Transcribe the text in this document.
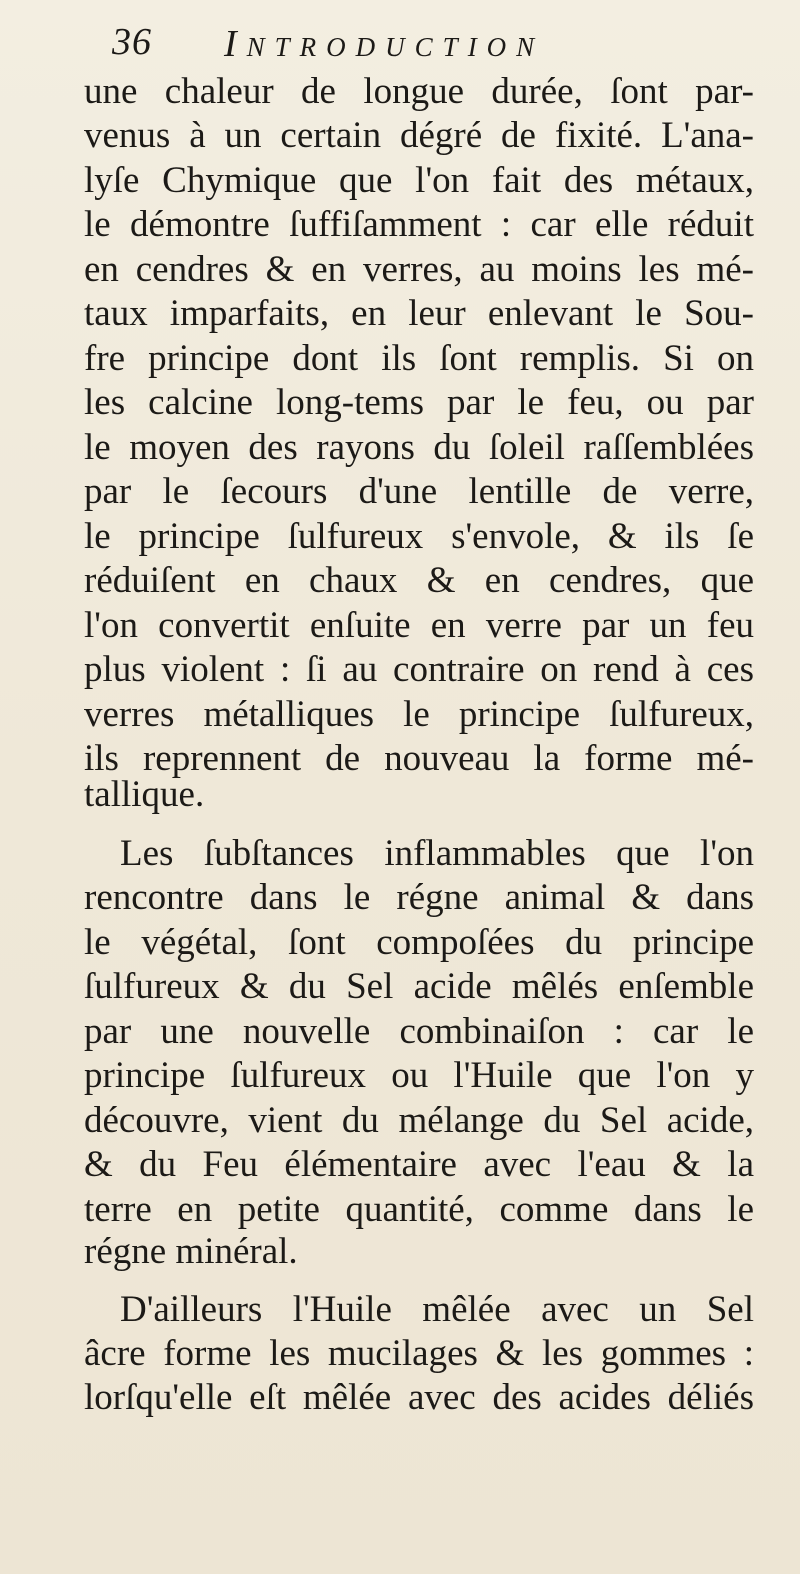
36 Introduction
une chaleur de longue durée, ſont par-
venus à un certain dégré de fixité. L'ana-
lyſe Chymique que l'on fait des métaux,
le démontre ſuffiſamment : car elle réduit
en cendres & en verres, au moins les mé-
taux imparfaits, en leur enlevant le Sou-
fre principe dont ils ſont remplis. Si on
les calcine long-tems par le feu, ou par
le moyen des rayons du ſoleil raſſemblées
par le ſecours d'une lentille de verre,
le principe ſulfureux s'envole, & ils ſe
réduiſent en chaux & en cendres, que
l'on convertit enſuite en verre par un feu
plus violent : ſi au contraire on rend à ces
verres métalliques le principe ſulfureux,
ils reprennent de nouveau la forme mé-
tallique.
Les ſubſtances inflammables que l'on
rencontre dans le régne animal & dans
le végétal, ſont compoſées du principe
ſulfureux & du Sel acide mêlés enſemble
par une nouvelle combinaiſon : car le
principe ſulfureux ou l'Huile que l'on y
découvre, vient du mélange du Sel acide,
& du Feu élémentaire avec l'eau & la
terre en petite quantité, comme dans le
régne minéral.
D'ailleurs l'Huile mêlée avec un Sel
âcre forme les mucilages & les gommes :
lorſqu'elle eſt mêlée avec des acides déliés
